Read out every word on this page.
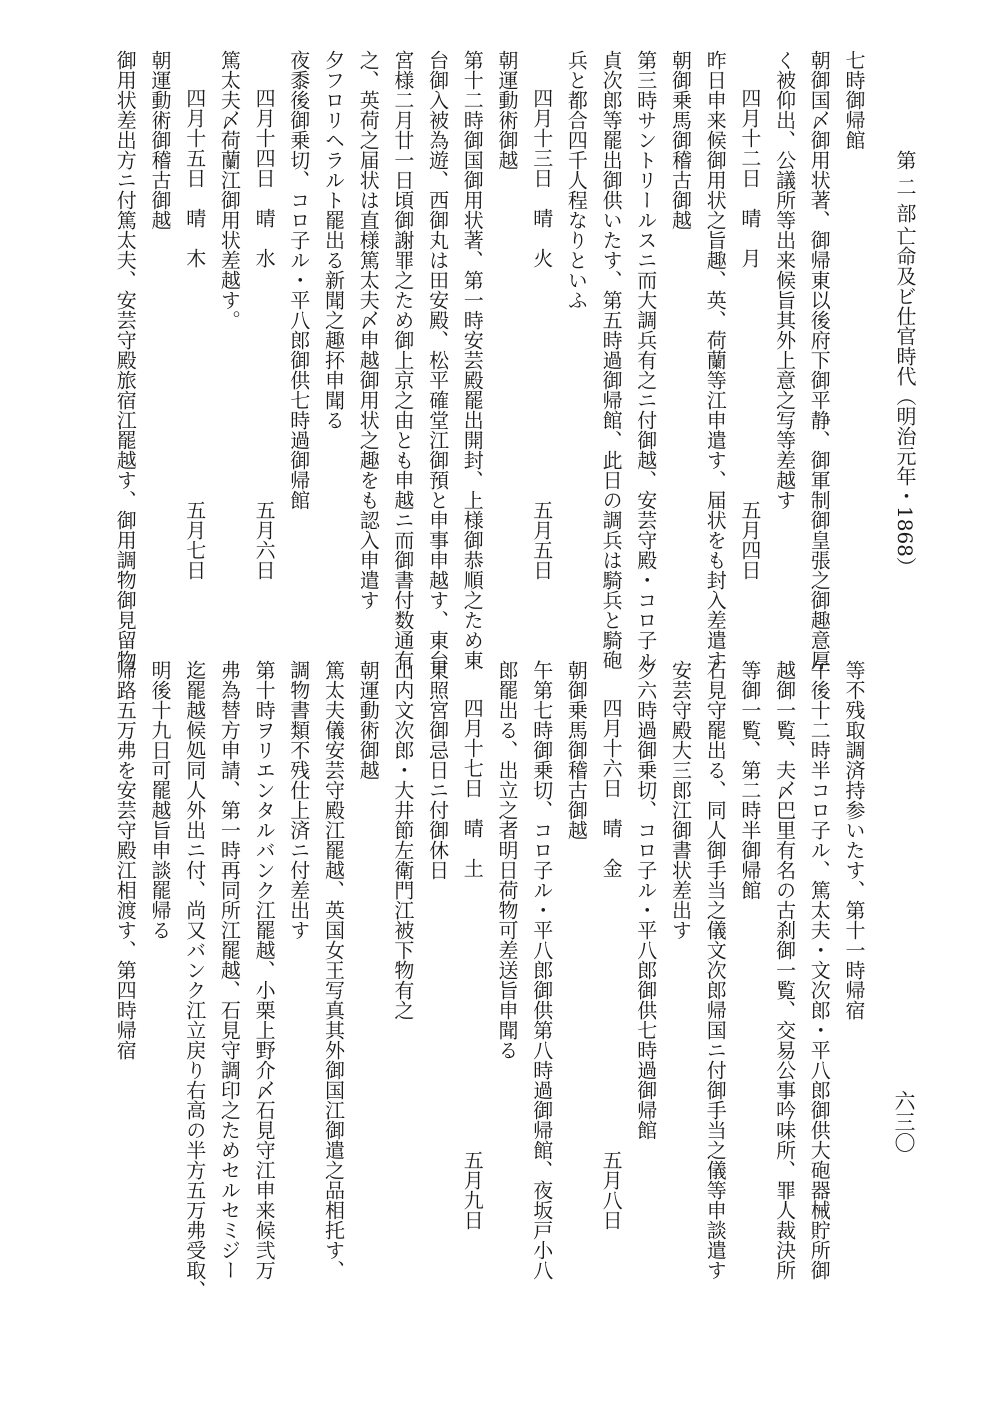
第 二 部
亡命及ビ仕官時代（明治元年・1868）
六三〇
七時御帰館
朝御国〆御用状著、御帰東以後府下御平静、御軍制御皇張之御趣意厚
く被仰出、公議所等出来候旨其外上意之写等差越す
四月十二日　晴　月
五月四日
昨日申来候御用状之旨趣、英、荷蘭等江申遣す、届状をも封入差遣す
朝御乗馬御稽古御越
第三時サントリールスニ而大調兵有之ニ付御越、安芸守殿・コロ子ル
貞次郎等罷出御供いたす、第五時過御帰館、此日の調兵は騎兵と騎砲
兵と都合四千人程なりといふ
四月十三日　晴　火
五月五日
朝運動術御越
第十二時御国御用状著、第一時安芸殿罷出開封、上様御恭順之ため東
台御入被為遊、西御丸は田安殿、松平確堂江御預と申事申越す、東台
宮様二月廿一日頃御謝罪之ため御上京之由とも申越ニ而御書付数通有
之、英荷之届状は直様篤太夫〆申越御用状之趣をも認入申遣す
夕フロリヘラルト罷出る新聞之趣抔申聞る
夜黍後御乗切、コロ子ル・平八郎御供七時過御帰館
四月十四日　晴　水
五月六日
篤太夫〆荷蘭江御用状差越す。
四月十五日　晴　木
五月七日
朝運動術御稽古御越
御用状差出方ニ付篤太夫、安芸守殿旅宿江罷越す、御用調物御見留物
等不残取調済持参いたす、第十一時帰宿
午後十二時半コロ子ル、篤太夫・文次郎・平八郎御供大砲器械貯所御
越御一覧、夫〆巴里有名の古刹御一覧、交易公事吟味所、罪人裁決所
等御一覧、第二時半御帰館
石見守罷出る、同人御手当之儀文次郎帰国ニ付御手当之儀等申談遣す
安芸守殿大三郎江御書状差出す
夕六時過御乗切、コロ子ル・平八郎御供七時過御帰館
四月十六日　晴　金
五月八日
朝御乗馬御稽古御越
午第七時御乗切、コロ子ル・平八郎御供第八時過御帰館、夜坂戸小八
郎罷出る、出立之者明日荷物可差送旨申聞る
四月十七日　晴　土
五月九日
東照宮御忌日ニ付御休日
山内文次郎・大井節左衛門江被下物有之
朝運動術御越
篤太夫儀安芸守殿江罷越、英国女王写真其外御国江御遣之品相托す、
調物書類不残仕上済ニ付差出す
第十時ヲリエンタルバンク江罷越、小栗上野介〆石見守江申来候弐万
弗為替方申請、第一時再同所江罷越、石見守調印之ためセルセミジー
迄罷越候処同人外出ニ付、尚又バンク江立戻り右高の半方五万弗受取、
明後十九日可罷越旨申談罷帰る
帰路五万弗を安芸守殿江相渡す、第四時帰宿
